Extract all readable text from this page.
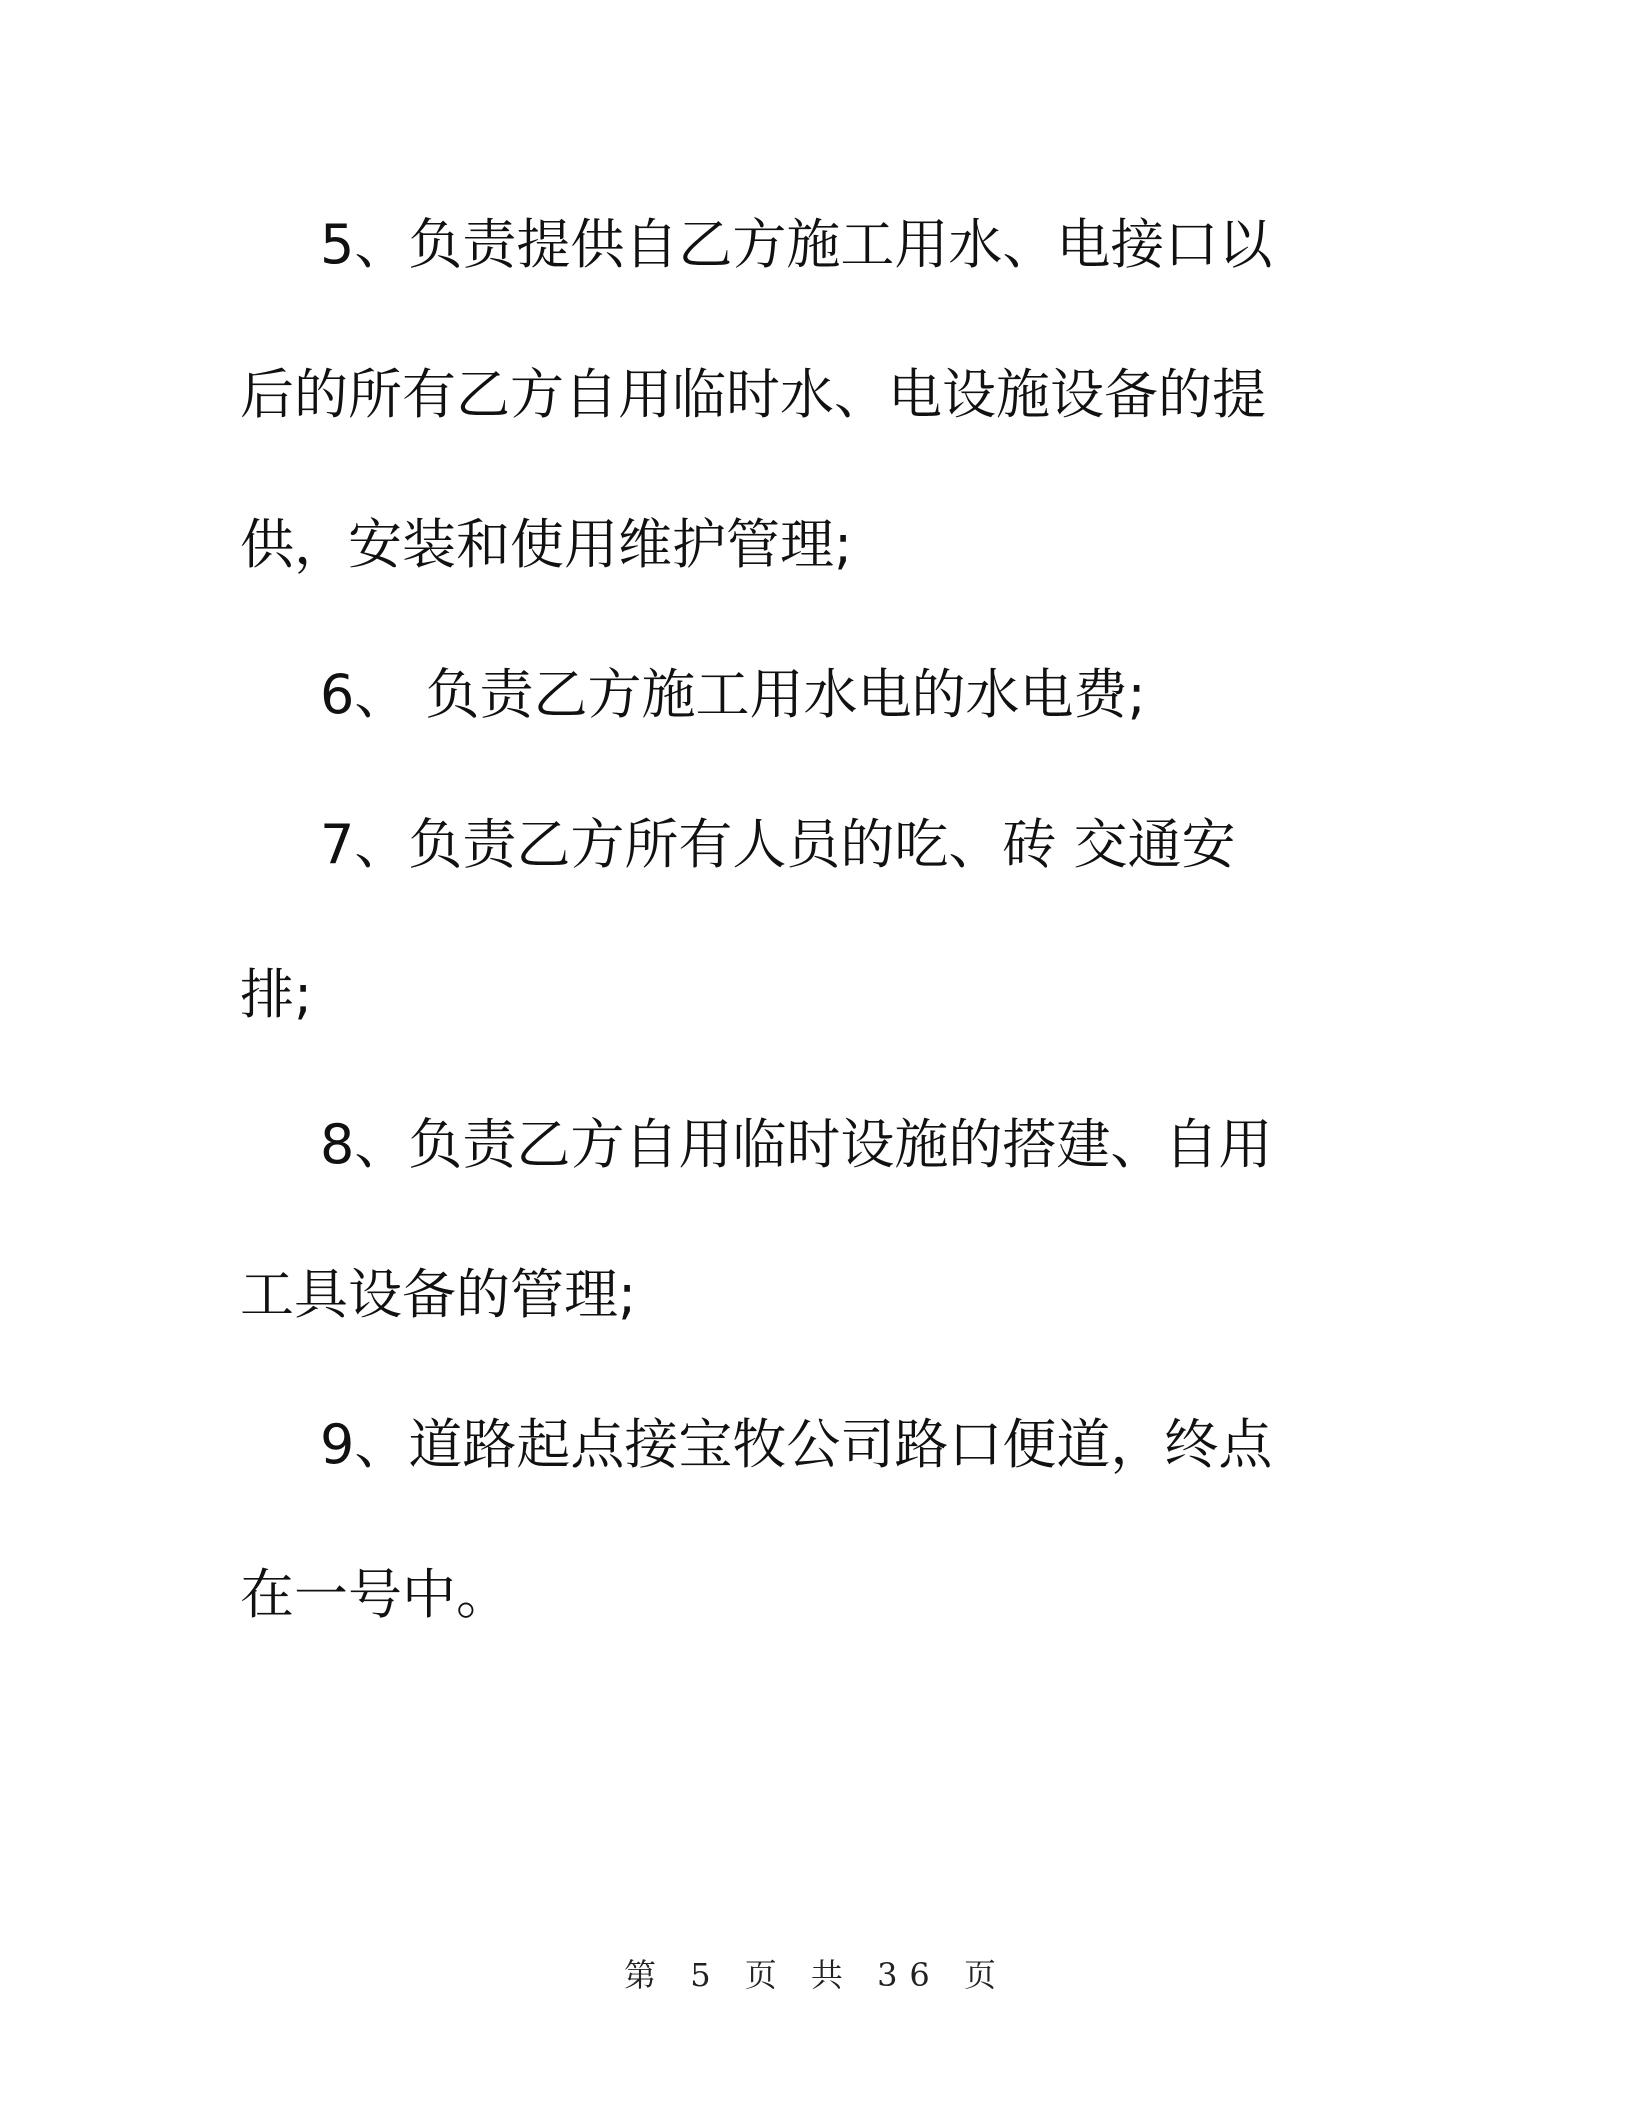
5、负责提供自乙方施工用水、电接口以
后的所有乙方自用临时水、电设施设备的提
供，安装和使用维护管理;
6、 负责乙方施工用水电的水电费;
7、负责乙方所有人员的吃、砖 交通安
排;
8、负责乙方自用临时设施的搭建、自用
工具设备的管理;
9、道路起点接宝牧公司路口便道，终点
在一号中。
第 5 页 共 36 页
